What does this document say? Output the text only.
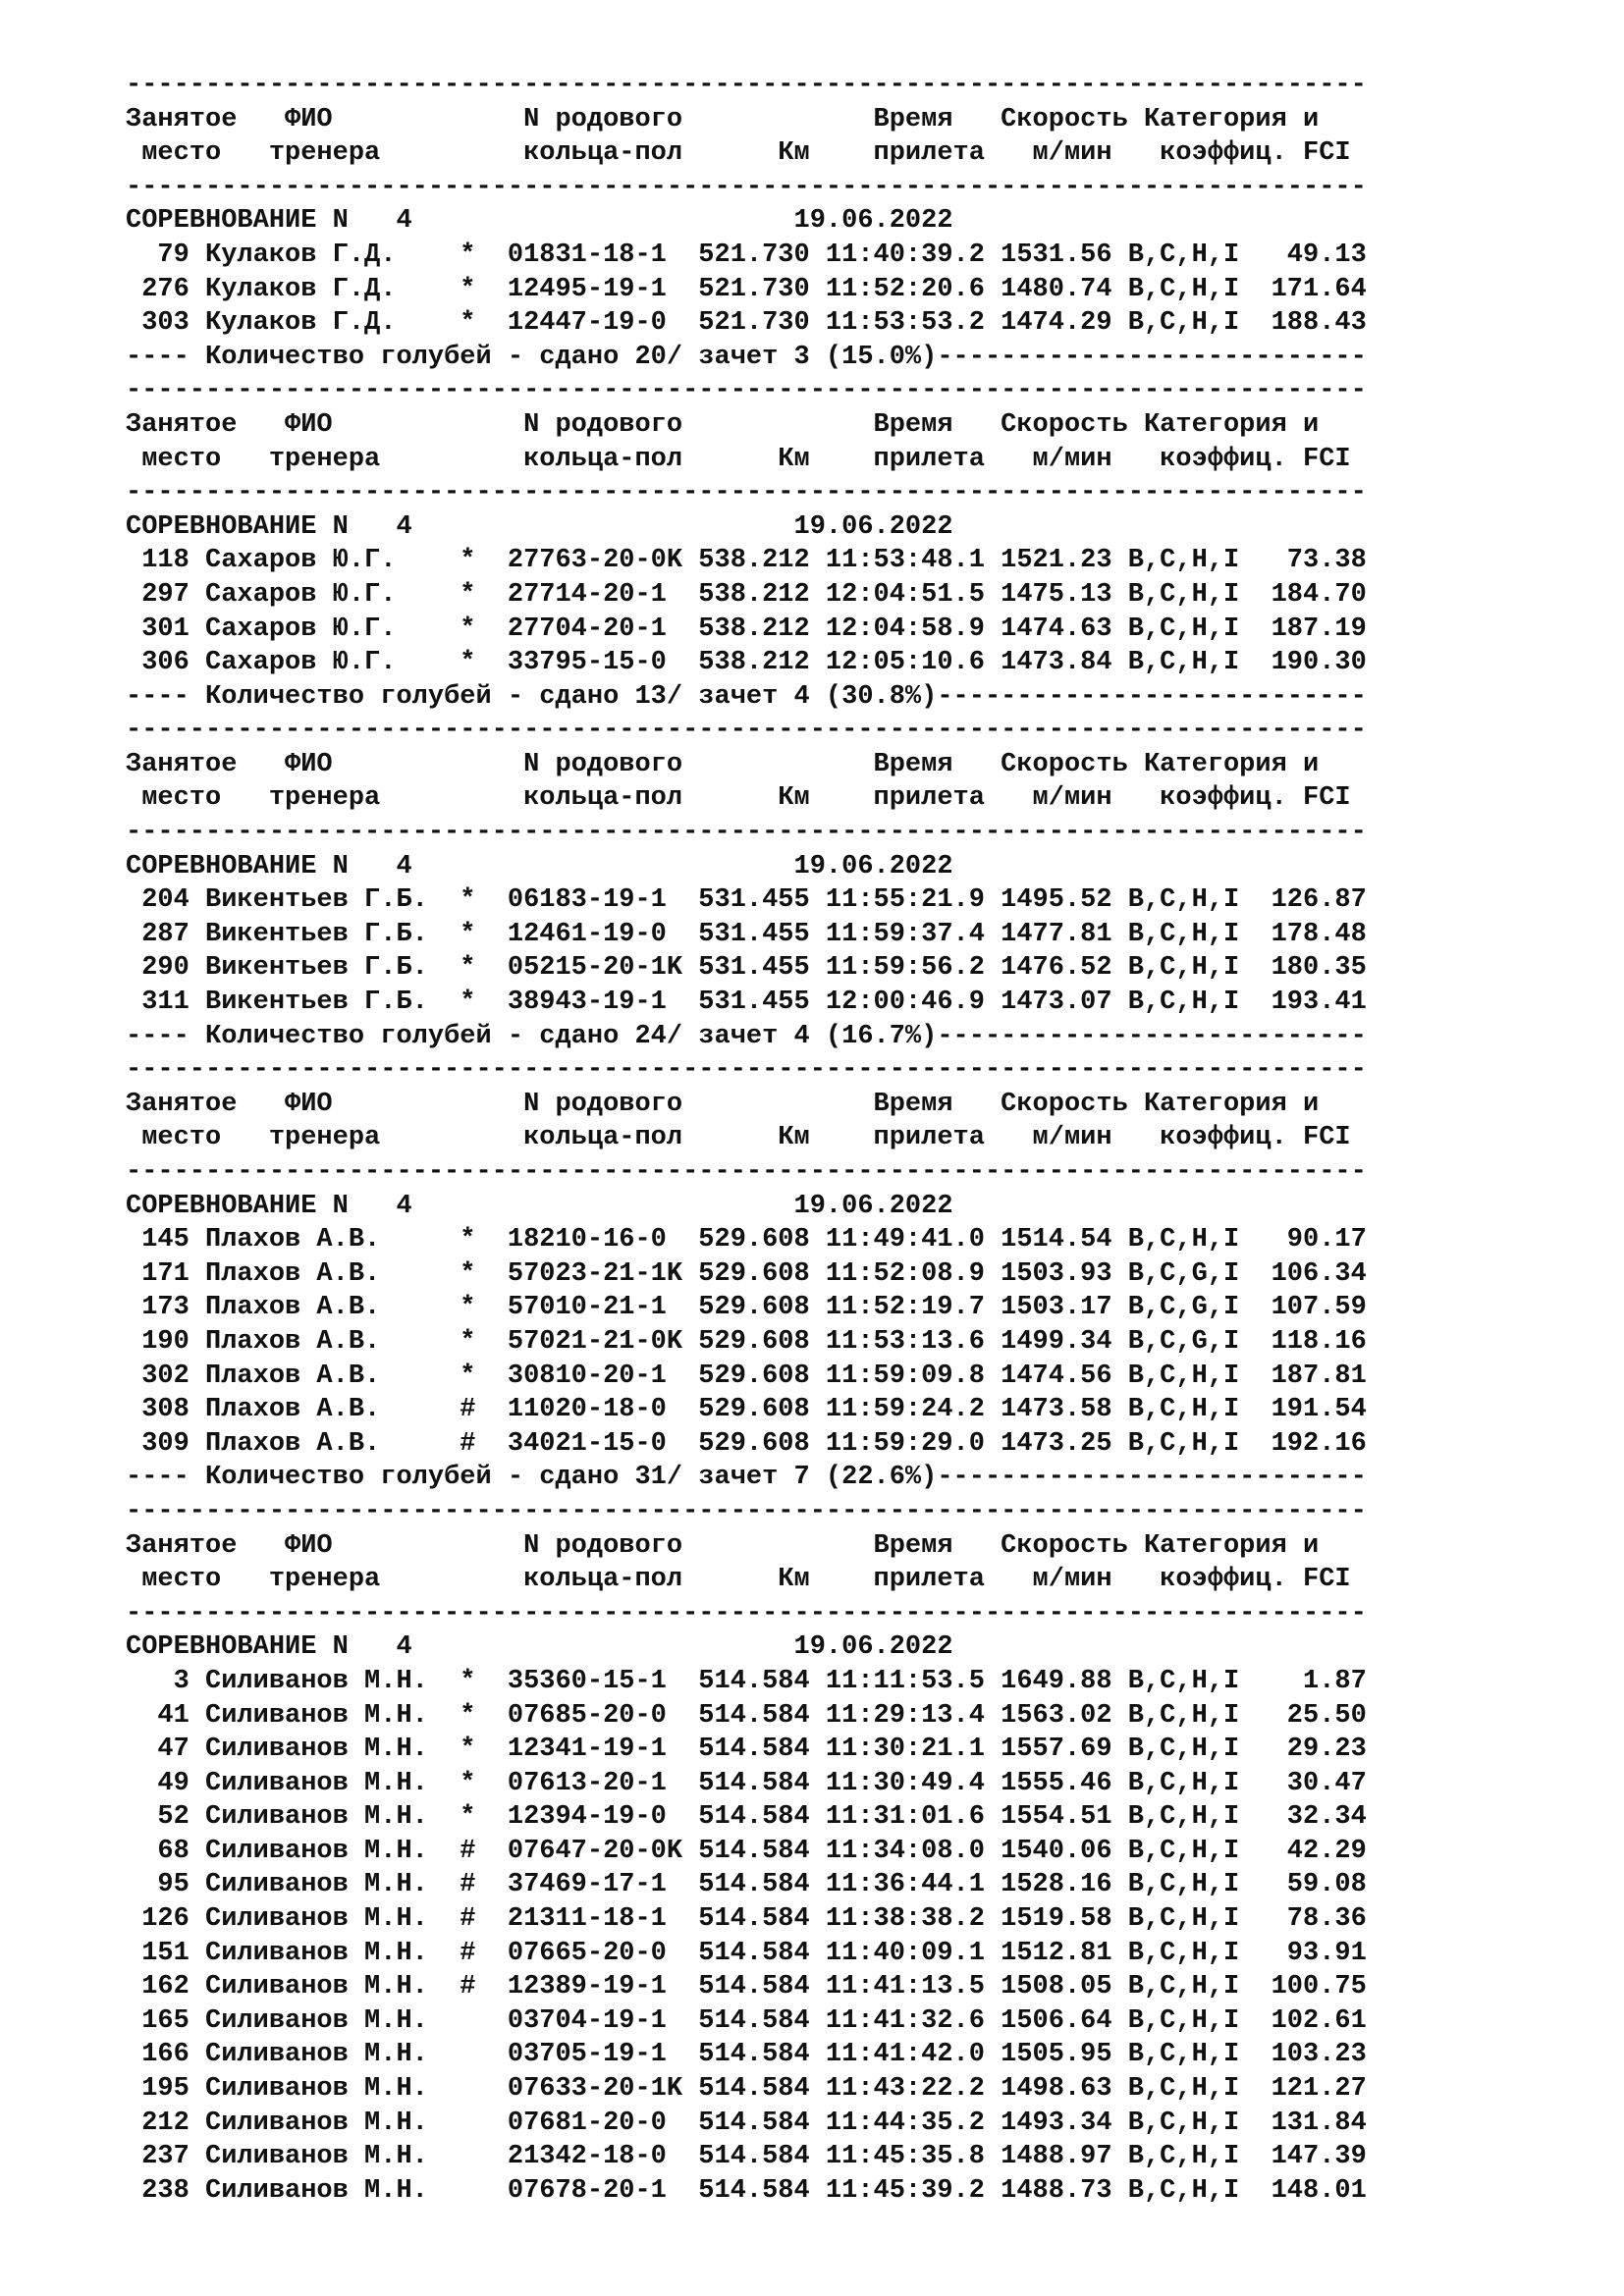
------------------------------------------------------------------------------
Занятое   ФИО            N родового            Время   Скорость Категория и
место   тренера         кольца-пол      Км    прилета   м/мин   коэффиц. FCI
------------------------------------------------------------------------------
СОРЕВНОВАНИЕ N   4                        19.06.2022
79 Кулаков Г.Д.    *  01831-18-1  521.730 11:40:39.2 1531.56 B,C,H,I   49.13
276 Кулаков Г.Д.    *  12495-19-1  521.730 11:52:20.6 1480.74 B,C,H,I  171.64
303 Кулаков Г.Д.    *  12447-19-0  521.730 11:53:53.2 1474.29 B,C,H,I  188.43
---- Количество голубей - сдано 20/ зачет 3 (15.0%)---------------------------
------------------------------------------------------------------------------
Занятое   ФИО            N родового            Время   Скорость Категория и
место   тренера         кольца-пол      Км    прилета   м/мин   коэффиц. FCI
------------------------------------------------------------------------------
СОРЕВНОВАНИЕ N   4                        19.06.2022
118 Сахаров Ю.Г.    *  27763-20-0K 538.212 11:53:48.1 1521.23 B,C,H,I   73.38
297 Сахаров Ю.Г.    *  27714-20-1  538.212 12:04:51.5 1475.13 B,C,H,I  184.70
301 Сахаров Ю.Г.    *  27704-20-1  538.212 12:04:58.9 1474.63 B,C,H,I  187.19
306 Сахаров Ю.Г.    *  33795-15-0  538.212 12:05:10.6 1473.84 B,C,H,I  190.30
---- Количество голубей - сдано 13/ зачет 4 (30.8%)---------------------------
------------------------------------------------------------------------------
Занятое   ФИО            N родового            Время   Скорость Категория и
место   тренера         кольца-пол      Км    прилета   м/мин   коэффиц. FCI
------------------------------------------------------------------------------
СОРЕВНОВАНИЕ N   4                        19.06.2022
204 Викентьев Г.Б.  *  06183-19-1  531.455 11:55:21.9 1495.52 B,C,H,I  126.87
287 Викентьев Г.Б.  *  12461-19-0  531.455 11:59:37.4 1477.81 B,C,H,I  178.48
290 Викентьев Г.Б.  *  05215-20-1K 531.455 11:59:56.2 1476.52 B,C,H,I  180.35
311 Викентьев Г.Б.  *  38943-19-1  531.455 12:00:46.9 1473.07 B,C,H,I  193.41
---- Количество голубей - сдано 24/ зачет 4 (16.7%)---------------------------
------------------------------------------------------------------------------
Занятое   ФИО            N родового            Время   Скорость Категория и
место   тренера         кольца-пол      Км    прилета   м/мин   коэффиц. FCI
------------------------------------------------------------------------------
СОРЕВНОВАНИЕ N   4                        19.06.2022
145 Плахов А.В.     *  18210-16-0  529.608 11:49:41.0 1514.54 B,C,H,I   90.17
171 Плахов А.В.     *  57023-21-1K 529.608 11:52:08.9 1503.93 B,C,G,I  106.34
173 Плахов А.В.     *  57010-21-1  529.608 11:52:19.7 1503.17 B,C,G,I  107.59
190 Плахов А.В.     *  57021-21-0K 529.608 11:53:13.6 1499.34 B,C,G,I  118.16
302 Плахов А.В.     *  30810-20-1  529.608 11:59:09.8 1474.56 B,C,H,I  187.81
308 Плахов А.В.     #  11020-18-0  529.608 11:59:24.2 1473.58 B,C,H,I  191.54
309 Плахов А.В.     #  34021-15-0  529.608 11:59:29.0 1473.25 B,C,H,I  192.16
---- Количество голубей - сдано 31/ зачет 7 (22.6%)---------------------------
------------------------------------------------------------------------------
Занятое   ФИО            N родового            Время   Скорость Категория и
место   тренера         кольца-пол      Км    прилета   м/мин   коэффиц. FCI
------------------------------------------------------------------------------
СОРЕВНОВАНИЕ N   4                        19.06.2022
3 Силиванов М.Н.  *  35360-15-1  514.584 11:11:53.5 1649.88 B,C,H,I    1.87
41 Силиванов М.Н.  *  07685-20-0  514.584 11:29:13.4 1563.02 B,C,H,I   25.50
47 Силиванов М.Н.  *  12341-19-1  514.584 11:30:21.1 1557.69 B,C,H,I   29.23
49 Силиванов М.Н.  *  07613-20-1  514.584 11:30:49.4 1555.46 B,C,H,I   30.47
52 Силиванов М.Н.  *  12394-19-0  514.584 11:31:01.6 1554.51 B,C,H,I   32.34
68 Силиванов М.Н.  #  07647-20-0K 514.584 11:34:08.0 1540.06 B,C,H,I   42.29
95 Силиванов М.Н.  #  37469-17-1  514.584 11:36:44.1 1528.16 B,C,H,I   59.08
126 Силиванов М.Н.  #  21311-18-1  514.584 11:38:38.2 1519.58 B,C,H,I   78.36
151 Силиванов М.Н.  #  07665-20-0  514.584 11:40:09.1 1512.81 B,C,H,I   93.91
162 Силиванов М.Н.  #  12389-19-1  514.584 11:41:13.5 1508.05 B,C,H,I  100.75
165 Силиванов М.Н.     03704-19-1  514.584 11:41:32.6 1506.64 B,C,H,I  102.61
166 Силиванов М.Н.     03705-19-1  514.584 11:41:42.0 1505.95 B,C,H,I  103.23
195 Силиванов М.Н.     07633-20-1K 514.584 11:43:22.2 1498.63 B,C,H,I  121.27
212 Силиванов М.Н.     07681-20-0  514.584 11:44:35.2 1493.34 B,C,H,I  131.84
237 Силиванов М.Н.     21342-18-0  514.584 11:45:35.8 1488.97 B,C,H,I  147.39
238 Силиванов М.Н.     07678-20-1  514.584 11:45:39.2 1488.73 B,C,H,I  148.01
